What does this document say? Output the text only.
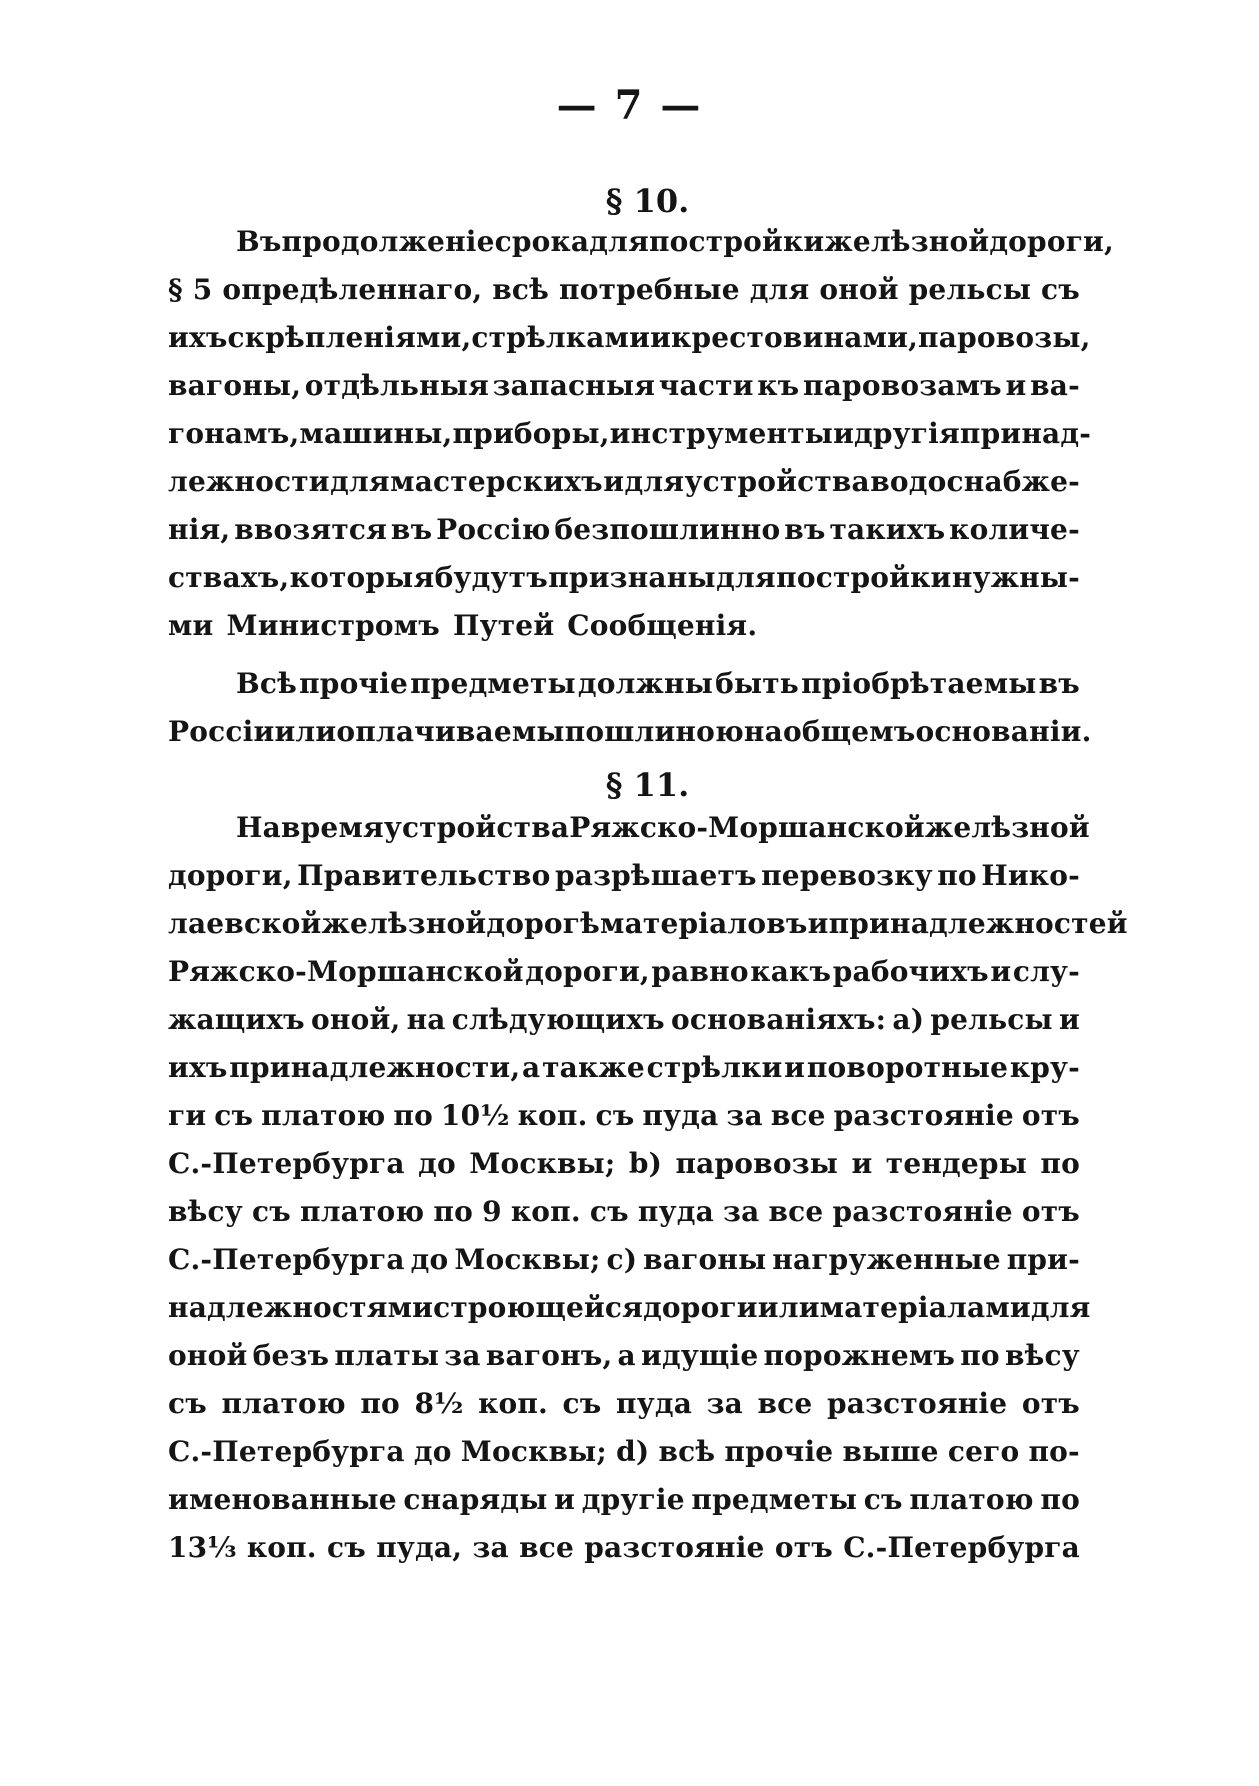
— 7 —
§ 10.
Въ продолженіе срока для постройки желѣзной дороги,
§ 5 опредѣленнаго, всѣ потребные для оной рельсы съ
ихъ скрѣпленіями, стрѣлками и крестовинами, паровозы,
вагоны, отдѣльныя запасныя части къ паровозамъ и ва-
гонамъ, машины, приборы, инструменты и другія принад-
лежности для мастерскихъ и для устройства водоснабже-
нія, ввозятся въ Россію безпошлинно въ такихъ количе-
ствахъ, которыя будутъ признаны для постройки нужны-
ми Министромъ Путей Сообщенія.
Всѣ прочіе предметы должны быть пріобрѣтаемы въ
Россіи или оплачиваемы пошлиною на общемъ основаніи.
§ 11.
На время устройства Ряжско-Моршанской желѣзной
дороги, Правительство разрѣшаетъ перевозку по Нико-
лаевской желѣзной дорогѣ матеріаловъ и принадлежностей
Ряжско-Моршанской дороги, равно какъ рабочихъ и слу-
жащихъ оной, на слѣдующихъ основаніяхъ: а) рельсы и
ихъ принадлежности, а также стрѣлки и поворотные кру-
ги съ платою по 10½ коп. съ пуда за все разстояніе отъ
С.-Петербурга до Москвы; b) паровозы и тендеры по
вѣсу съ платою по 9 коп. съ пуда за все разстояніе отъ
С.-Петербурга до Москвы; c) вагоны нагруженные при-
надлежностями строющейся дороги или матеріалами для
оной безъ платы за вагонъ, а идущіе порожнемъ по вѣсу
съ платою по 8½ коп. съ пуда за все разстояніе отъ
С.-Петербурга до Москвы; d) всѣ прочіе выше сего по-
именованные снаряды и другіе предметы съ платою по
13⅓ коп. съ пуда, за все разстояніе отъ С.-Петербурга
